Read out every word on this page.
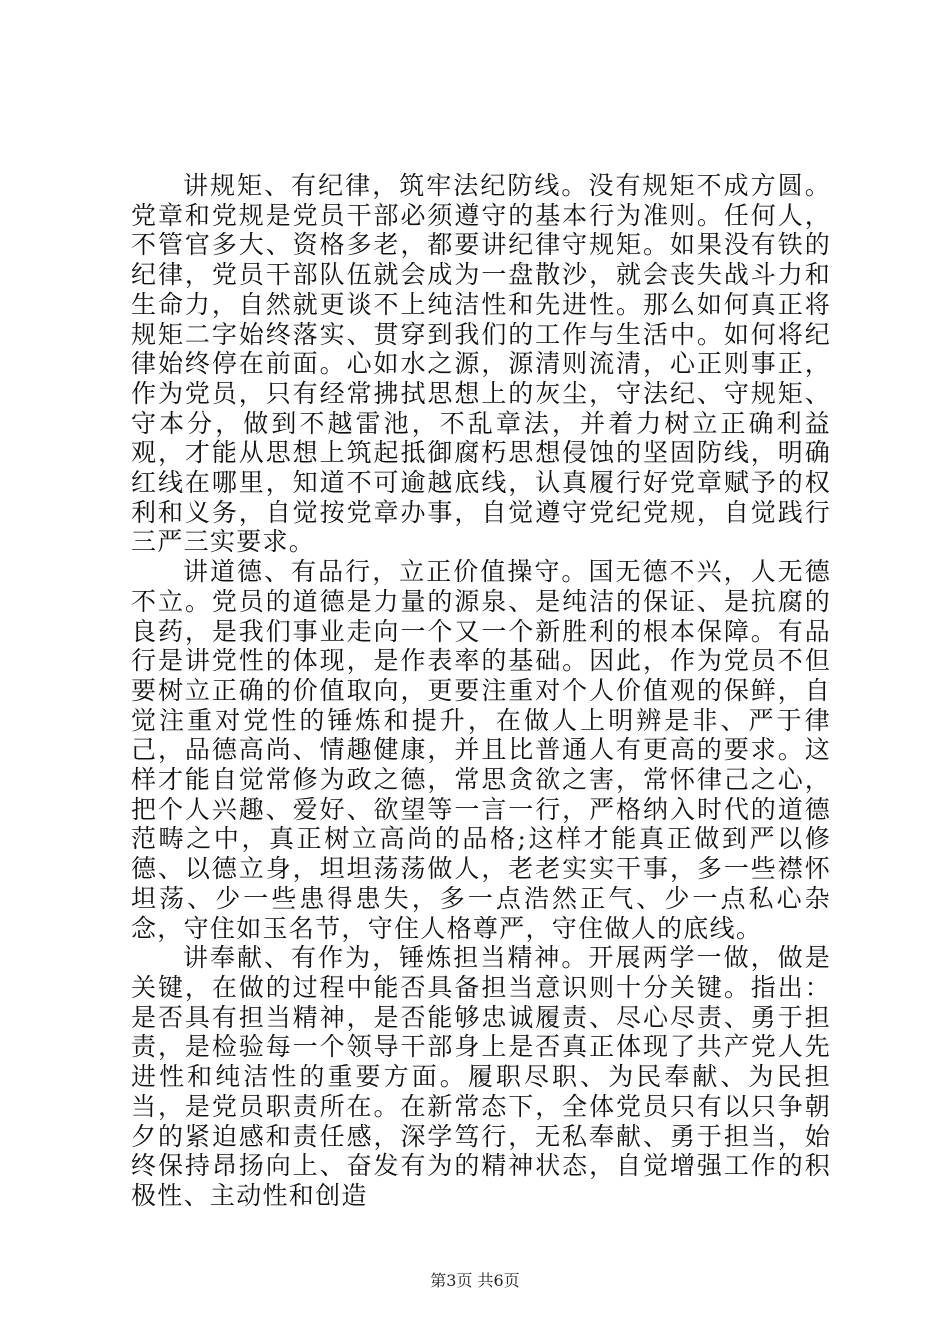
讲规矩、有纪律，筑牢法纪防线。没有规矩不成方圆。党章和党规是党员干部必须遵守的基本行为准则。任何人，不管官多大、资格多老，都要讲纪律守规矩。如果没有铁的纪律，党员干部队伍就会成为一盘散沙，就会丧失战斗力和生命力，自然就更谈不上纯洁性和先进性。那么如何真正将规矩二字始终落实、贯穿到我们的工作与生活中。如何将纪律始终停在前面。心如水之源，源清则流清，心正则事正，作为党员，只有经常拂拭思想上的灰尘，守法纪、守规矩、守本分，做到不越雷池，不乱章法，并着力树立正确利益观，才能从思想上筑起抵御腐朽思想侵蚀的坚固防线，明确红线在哪里，知道不可逾越底线，认真履行好党章赋予的权利和义务，自觉按党章办事，自觉遵守党纪党规，自觉践行三严三实要求。

讲道德、有品行，立正价值操守。国无德不兴，人无德不立。党员的道德是力量的源泉、是纯洁的保证、是抗腐的良药，是我们事业走向一个又一个新胜利的根本保障。有品行是讲党性的体现，是作表率的基础。因此，作为党员不但要树立正确的价值取向，更要注重对个人价值观的保鲜，自觉注重对党性的锤炼和提升，在做人上明辨是非、严于律己，品德高尚、情趣健康，并且比普通人有更高的要求。这样才能自觉常修为政之德，常思贪欲之害，常怀律己之心，把个人兴趣、爱好、欲望等一言一行，严格纳入时代的道德范畴之中，真正树立高尚的品格;这样才能真正做到严以修德、以德立身，坦坦荡荡做人，老老实实干事，多一些襟怀坦荡、少一些患得患失，多一点浩然正气、少一点私心杂念，守住如玉名节，守住人格尊严，守住做人的底线。

讲奉献、有作为，锤炼担当精神。开展两学一做，做是关键，在做的过程中能否具备担当意识则十分关键。指出：是否具有担当精神，是否能够忠诚履责、尽心尽责、勇于担责，是检验每一个领导干部身上是否真正体现了共产党人先进性和纯洁性的重要方面。履职尽职、为民奉献、为民担当，是党员职责所在。在新常态下，全体党员只有以只争朝夕的紧迫感和责任感，深学笃行，无私奉献、勇于担当，始终保持昂扬向上、奋发有为的精神状态，自觉增强工作的积极性、主动性和创造

第3页 共6页
